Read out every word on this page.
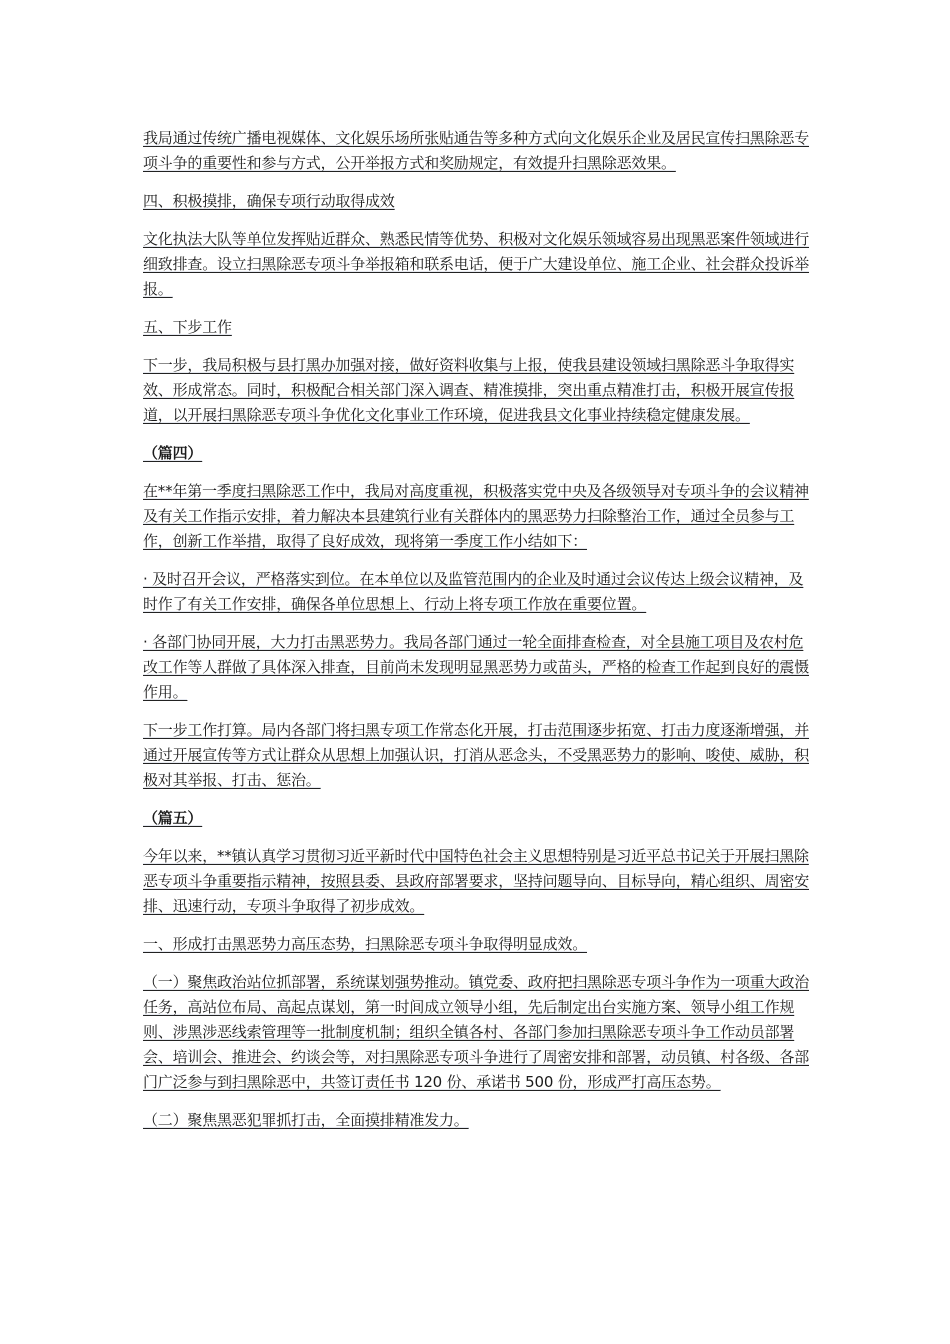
我局通过传统广播电视媒体、文化娱乐场所张贴通告等多种方式向文化娱乐企业及居民宣传扫黑除恶专项斗争的重要性和参与方式，公开举报方式和奖励规定，有效提升扫黑除恶效果。

四、积极摸排，确保专项行动取得成效

文化执法大队等单位发挥贴近群众、熟悉民情等优势、积极对文化娱乐领域容易出现黑恶案件领域进行细致排查。设立扫黑除恶专项斗争举报箱和联系电话，便于广大建设单位、施工企业、社会群众投诉举报。

五、下步工作

下一步，我局积极与县打黑办加强对接，做好资料收集与上报，使我县建设领域扫黑除恶斗争取得实效、形成常态。同时，积极配合相关部门深入调查、精准摸排，突出重点精准打击，积极开展宣传报道，以开展扫黑除恶专项斗争优化文化事业工作环境，促进我县文化事业持续稳定健康发展。

（篇四）

在**年第一季度扫黑除恶工作中，我局对高度重视，积极落实党中央及各级领导对专项斗争的会议精神及有关工作指示安排，着力解决本县建筑行业有关群体内的黑恶势力扫除整治工作，通过全员参与工作，创新工作举措，取得了良好成效，现将第一季度工作小结如下：

· 及时召开会议，严格落实到位。在本单位以及监管范围内的企业及时通过会议传达上级会议精神，及时作了有关工作安排，确保各单位思想上、行动上将专项工作放在重要位置。

· 各部门协同开展，大力打击黑恶势力。我局各部门通过一轮全面排查检查，对全县施工项目及农村危改工作等人群做了具体深入排查，目前尚未发现明显黑恶势力或苗头，严格的检查工作起到良好的震慑作用。

下一步工作打算。局内各部门将扫黑专项工作常态化开展，打击范围逐步拓宽、打击力度逐渐增强，并通过开展宣传等方式让群众从思想上加强认识，打消从恶念头，不受黑恶势力的影响、唆使、威胁，积极对其举报、打击、惩治。

（篇五）

今年以来，**镇认真学习贯彻习近平新时代中国特色社会主义思想特别是习近平总书记关于开展扫黑除恶专项斗争重要指示精神，按照县委、县政府部署要求，坚持问题导向、目标导向，精心组织、周密安排、迅速行动，专项斗争取得了初步成效。

一、形成打击黑恶势力高压态势，扫黑除恶专项斗争取得明显成效。

（一）聚焦政治站位抓部署，系统谋划强势推动。镇党委、政府把扫黑除恶专项斗争作为一项重大政治任务，高站位布局、高起点谋划，第一时间成立领导小组，先后制定出台实施方案、领导小组工作规则、涉黑涉恶线索管理等一批制度机制；组织全镇各村、各部门参加扫黑除恶专项斗争工作动员部署会、培训会、推进会、约谈会等，对扫黑除恶专项斗争进行了周密安排和部署，动员镇、村各级、各部门广泛参与到扫黑除恶中，共签订责任书 120 份、承诺书 500 份，形成严打高压态势。

（二）聚焦黑恶犯罪抓打击，全面摸排精准发力。
